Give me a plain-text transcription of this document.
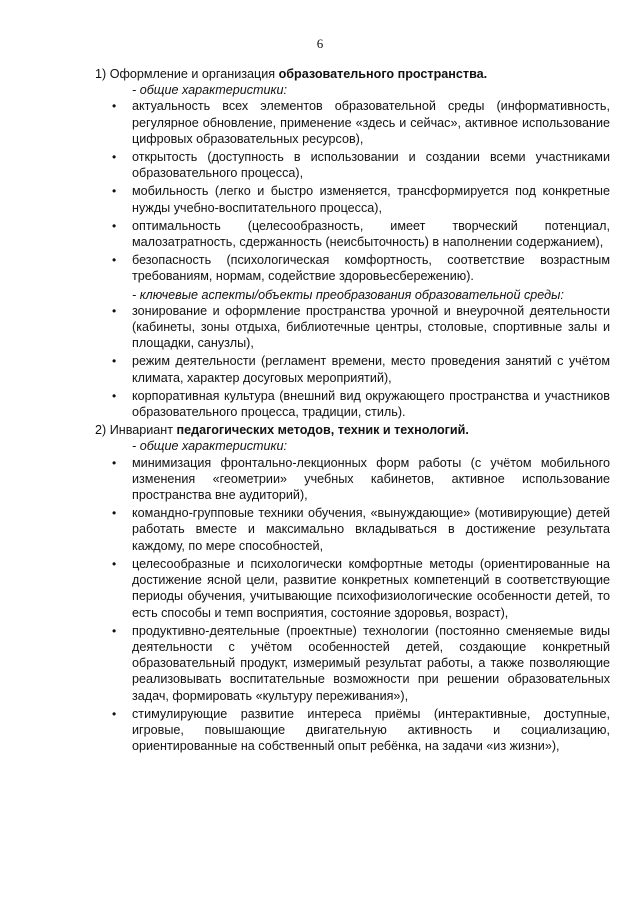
6

1) Оформление и организация образовательного пространства.

- общие характеристики:

• актуальность всех элементов образовательной среды (информативность, регулярное обновление, применение «здесь и сейчас», активное использование цифровых образовательных ресурсов),
• открытость (доступность в использовании и создании всеми участниками образовательного процесса),
• мобильность (легко и быстро изменяется, трансформируется под конкретные нужды учебно-воспитательного процесса),
• оптимальность (целесообразность, имеет творческий потенциал, малозатратность, сдержанность (неисбыточность) в наполнении содержанием),
• безопасность (психологическая комфортность, соответствие возрастным требованиям, нормам, содействие здоровьесбережению).

- ключевые аспекты/объекты преобразования образовательной среды:

• зонирование и оформление пространства урочной и внеурочной деятельности (кабинеты, зоны отдыха, библиотечные центры, столовые, спортивные залы и площадки, санузлы),
• режим деятельности (регламент времени, место проведения занятий с учётом климата, характер досуговых мероприятий),
• корпоративная культура (внешний вид окружающего пространства и участников образовательного процесса, традиции, стиль).

2) Инвариант педагогических методов, техник и технологий.

- общие характеристики:

• минимизация фронтально-лекционных форм работы (с учётом мобильного изменения «геометрии» учебных кабинетов, активное использование пространства вне аудиторий),
• командно-групповые техники обучения, «вынуждающие» (мотивирующие) детей работать вместе и максимально вкладываться в достижение результата каждому, по мере способностей,
• целесообразные и психологически комфортные методы (ориентированные на достижение ясной цели, развитие конкретных компетенций в соответствующие периоды обучения, учитывающие психофизиологические особенности детей, то есть способы и темп восприятия, состояние здоровья, возраст),
• продуктивно-деятельные (проектные) технологии (постоянно сменяемые виды деятельности с учётом особенностей детей, создающие конкретный образовательный продукт, измеримый результат работы, а также позволяющие реализовывать воспитательные возможности при решении образовательных задач, формировать «культуру переживания»),
• стимулирующие развитие интереса приёмы (интерактивные, доступные, игровые, повышающие двигательную активность и социализацию, ориентированные на собственный опыт ребёнка, на задачи «из жизни»),
